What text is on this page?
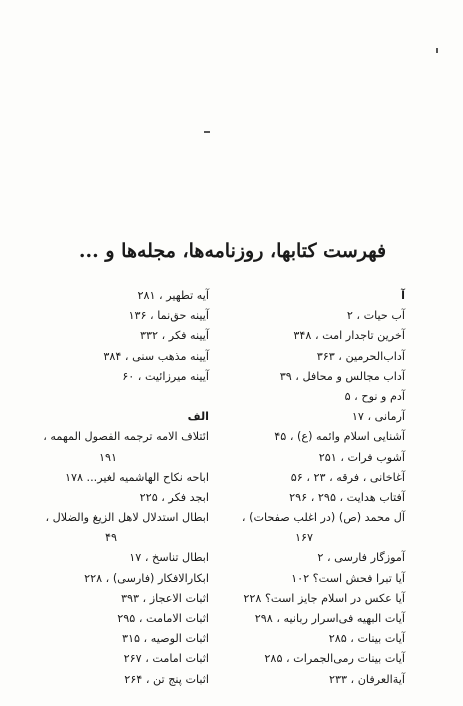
فهرست کتابها، روزنامه‌ها، مجله‌ها و ...
آ
آب حیات ، ۲
آخرین تاجدار امت ، ۳۴۸
آداب‌الحرمین ، ۳۶۳
آداب مجالس و محافل ، ۳۹
آدم و نوح ، ۵
آرمانی ، ۱۷
آشنایی اسلام وائمه (ع) ، ۴۵
آشوب فرات ، ۲۵۱
آغاخانی ، فرقه ، ۲۳ ، ۵۶
آفتاب هدایت ، ۲۹۵ ، ۲۹۶
آل محمد (ص) (در اغلب صفحات) ،
۱۶۷
آموزگار فارسی ، ۲
آیا تبرا فحش است؟ ۱۰۲
آیا عکس در اسلام جایز است؟ ۲۲۸
آیات البهیه فی‌اسرار ربانیه ، ۲۹۸
آیات بینات ، ۲۸۵
آیات بینات رمی‌الجمرات ، ۲۸۵
آیة‌العرفان ، ۲۳۳
آیه تطهیر ، ۲۸۱
آیینه حق‌نما ، ۱۳۶
آیینه فکر ، ۳۳۲
آیینه مذهب سنی ، ۳۸۴
آیینه میرزائیت ، ۶۰
الف
ائتلاف الامه ترجمه الفصول المهمه ،
۱۹۱
اباحه نکاح الهاشمیه لغیر... ۱۷۸
ابجد فکر ، ۲۲۵
ابطال استدلال لاهل الزیغ والضلال ،
۴۹
ابطال تناسخ ، ۱۷
ابکارالافکار (فارسی) ، ۲۲۸
اثبات الاعجاز ، ۳۹۳
اثبات الامامت ، ۲۹۵
اثبات الوصیه ، ۳۱۵
اثبات امامت ، ۲۶۷
اثبات پنج تن ، ۲۶۴
